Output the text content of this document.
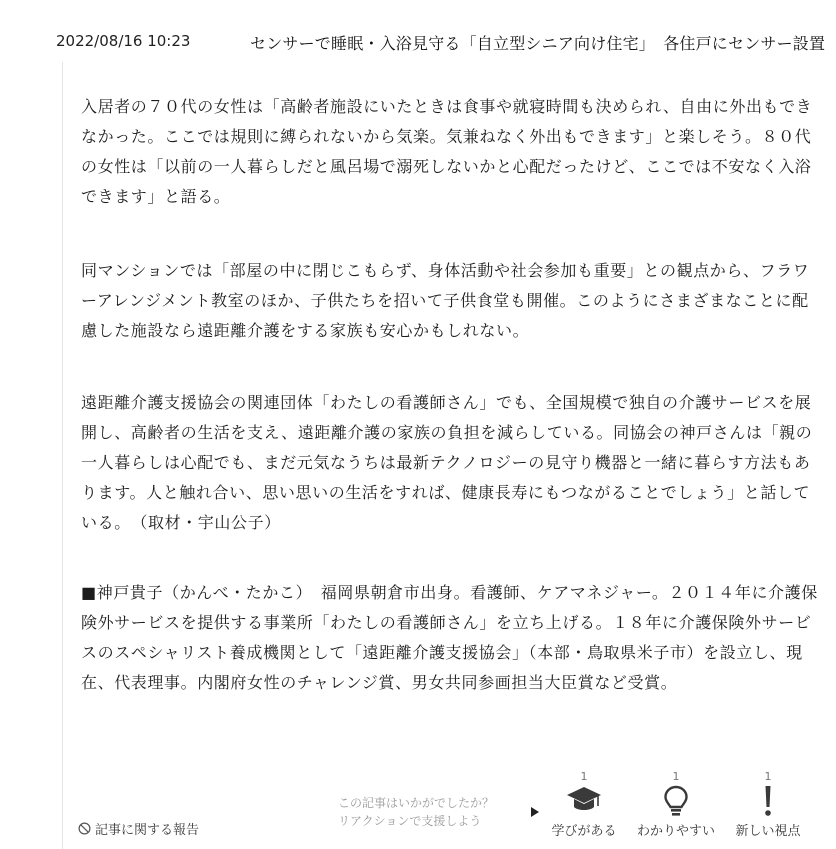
2022/08/16 10:23	センサーで睡眠・入浴見守る「自立型シニア向け住宅」　各住戸にセンサー設置

入居者の７０代の女性は「高齢者施設にいたときは食事や就寝時間も決められ、自由に外出もできなかった。ここでは規則に縛られないから気楽。気兼ねなく外出もできます」と楽しそう。８０代の女性は「以前の一人暮らしだと風呂場で溺死しないかと心配だったけど、ここでは不安なく入浴できます」と語る。

同マンションでは「部屋の中に閉じこもらず、身体活動や社会参加も重要」との観点から、フラワーアレンジメント教室のほか、子供たちを招いて子供食堂も開催。このようにさまざまなことに配慮した施設なら遠距離介護をする家族も安心かもしれない。

遠距離介護支援協会の関連団体「わたしの看護師さん」でも、全国規模で独自の介護サービスを展開し、高齢者の生活を支え、遠距離介護の家族の負担を減らしている。同協会の神戸さんは「親の一人暮らしは心配でも、まだ元気なうちは最新テクノロジーの見守り機器と一緒に暮らす方法もあります。人と触れ合い、思い思いの生活をすれば、健康長寿にもつながることでしょう」と話している。　（取材・宇山公子）

■神戸貴子（かんべ・たかこ）　福岡県朝倉市出身。看護師、ケアマネジャー。２０１４年に介護保険外サービスを提供する事業所「わたしの看護師さん」を立ち上げる。１８年に介護保険外サービスのスペシャリスト養成機関として「遠距離介護支援協会」（本部・鳥取県米子市）を設立し、現在、代表理事。内閣府女性のチャレンジ賞、男女共同参画担当大臣賞など受賞。

記事に関する報告
この記事はいかがでしたか？
リアクションで支援しよう
1
学びがある
1
わかりやすい
1
新しい視点
